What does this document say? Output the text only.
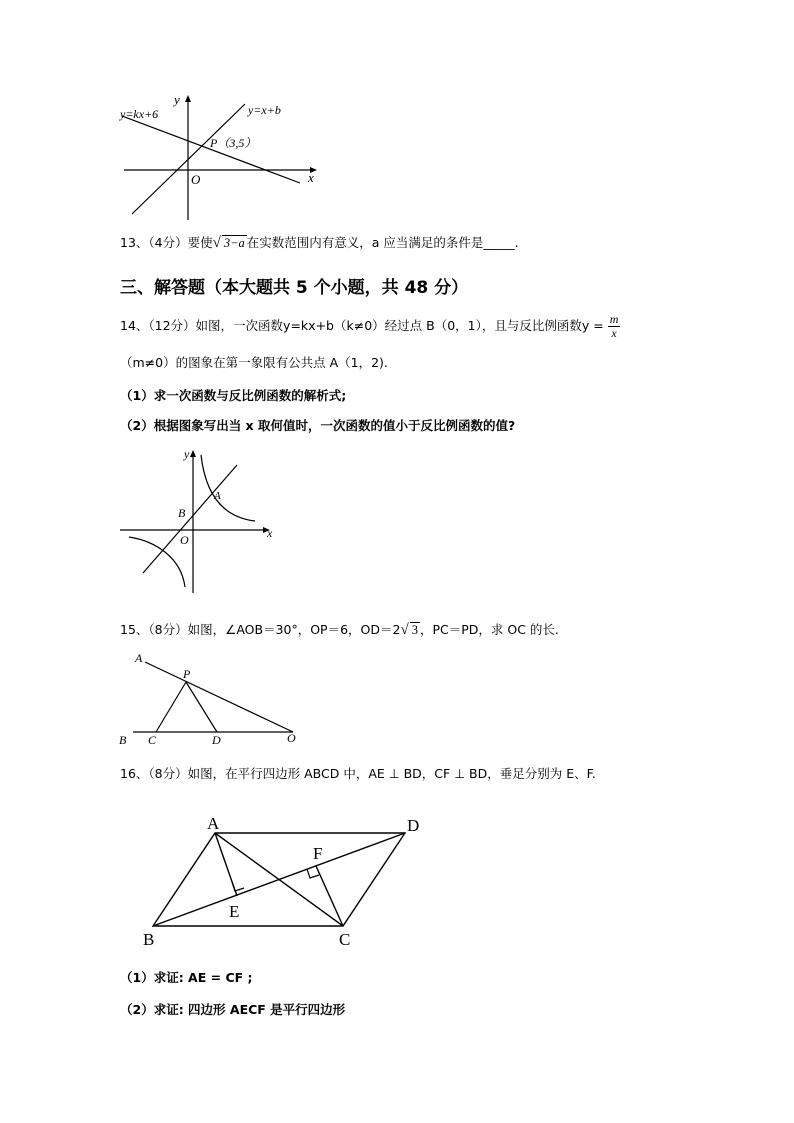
y
x
O
y=kx+6	y=x+b
P（3,5）
13、（4分）要使√ 3−a 在实数范围内有意义，a 应当满足的条件是_____.
三、解答题（本大题共 5 个小题，共 48 分）
14、（12分）如图，一次函数y=kx+b（k≠0）经过点 B（0，1），且与反比例函数$y = \frac{m}{x}$
（m≠0）的图象在第一象限有公共点 A（1，2).
（1）求一次函数与反比例函数的解析式;
（2）根据图象写出当 x 取何值时，一次函数的值小于反比例函数的值?
y
x
A
B
O
15、（8分）如图，∠AOB＝30°，OP＝6，OD＝2√ 3 ，PC＝PD，求 OC 的长.
A
P
B C	D	O
16、（8分）如图，在平行四边形 ABCD 中，AE ⊥ BD，CF ⊥ BD，垂足分别为 E、F.
A	D
F
E
B	C
（1）求证: AE = CF ;
（2）求证: 四边形 AECF 是平行四边形
